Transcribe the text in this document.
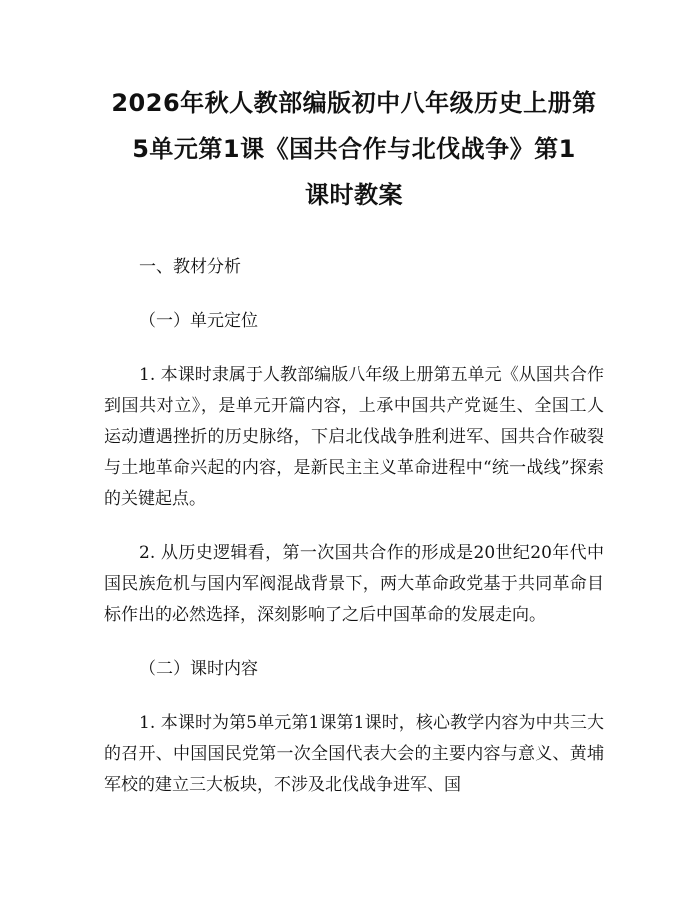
2026年秋人教部编版初中八年级历史上册第
5单元第1课《国共合作与北伐战争》第1
课时教案

一、教材分析

（一）单元定位

1. 本课时隶属于人教部编版八年级上册第五单元《从国共合作到国共对立》，是单元开篇内容，上承中国共产党诞生、全国工人运动遭遇挫折的历史脉络，下启北伐战争胜利进军、国共合作破裂与土地革命兴起的内容，是新民主主义革命进程中“统一战线”探索的关键起点。

2. 从历史逻辑看，第一次国共合作的形成是20世纪20年代中国民族危机与国内军阀混战背景下，两大革命政党基于共同革命目标作出的必然选择，深刻影响了之后中国革命的发展走向。

（二）课时内容

1. 本课时为第5单元第1课第1课时，核心教学内容为中共三大的召开、中国国民党第一次全国代表大会的主要内容与意义、黄埔军校的建立三大板块，不涉及北伐战争进军、国
